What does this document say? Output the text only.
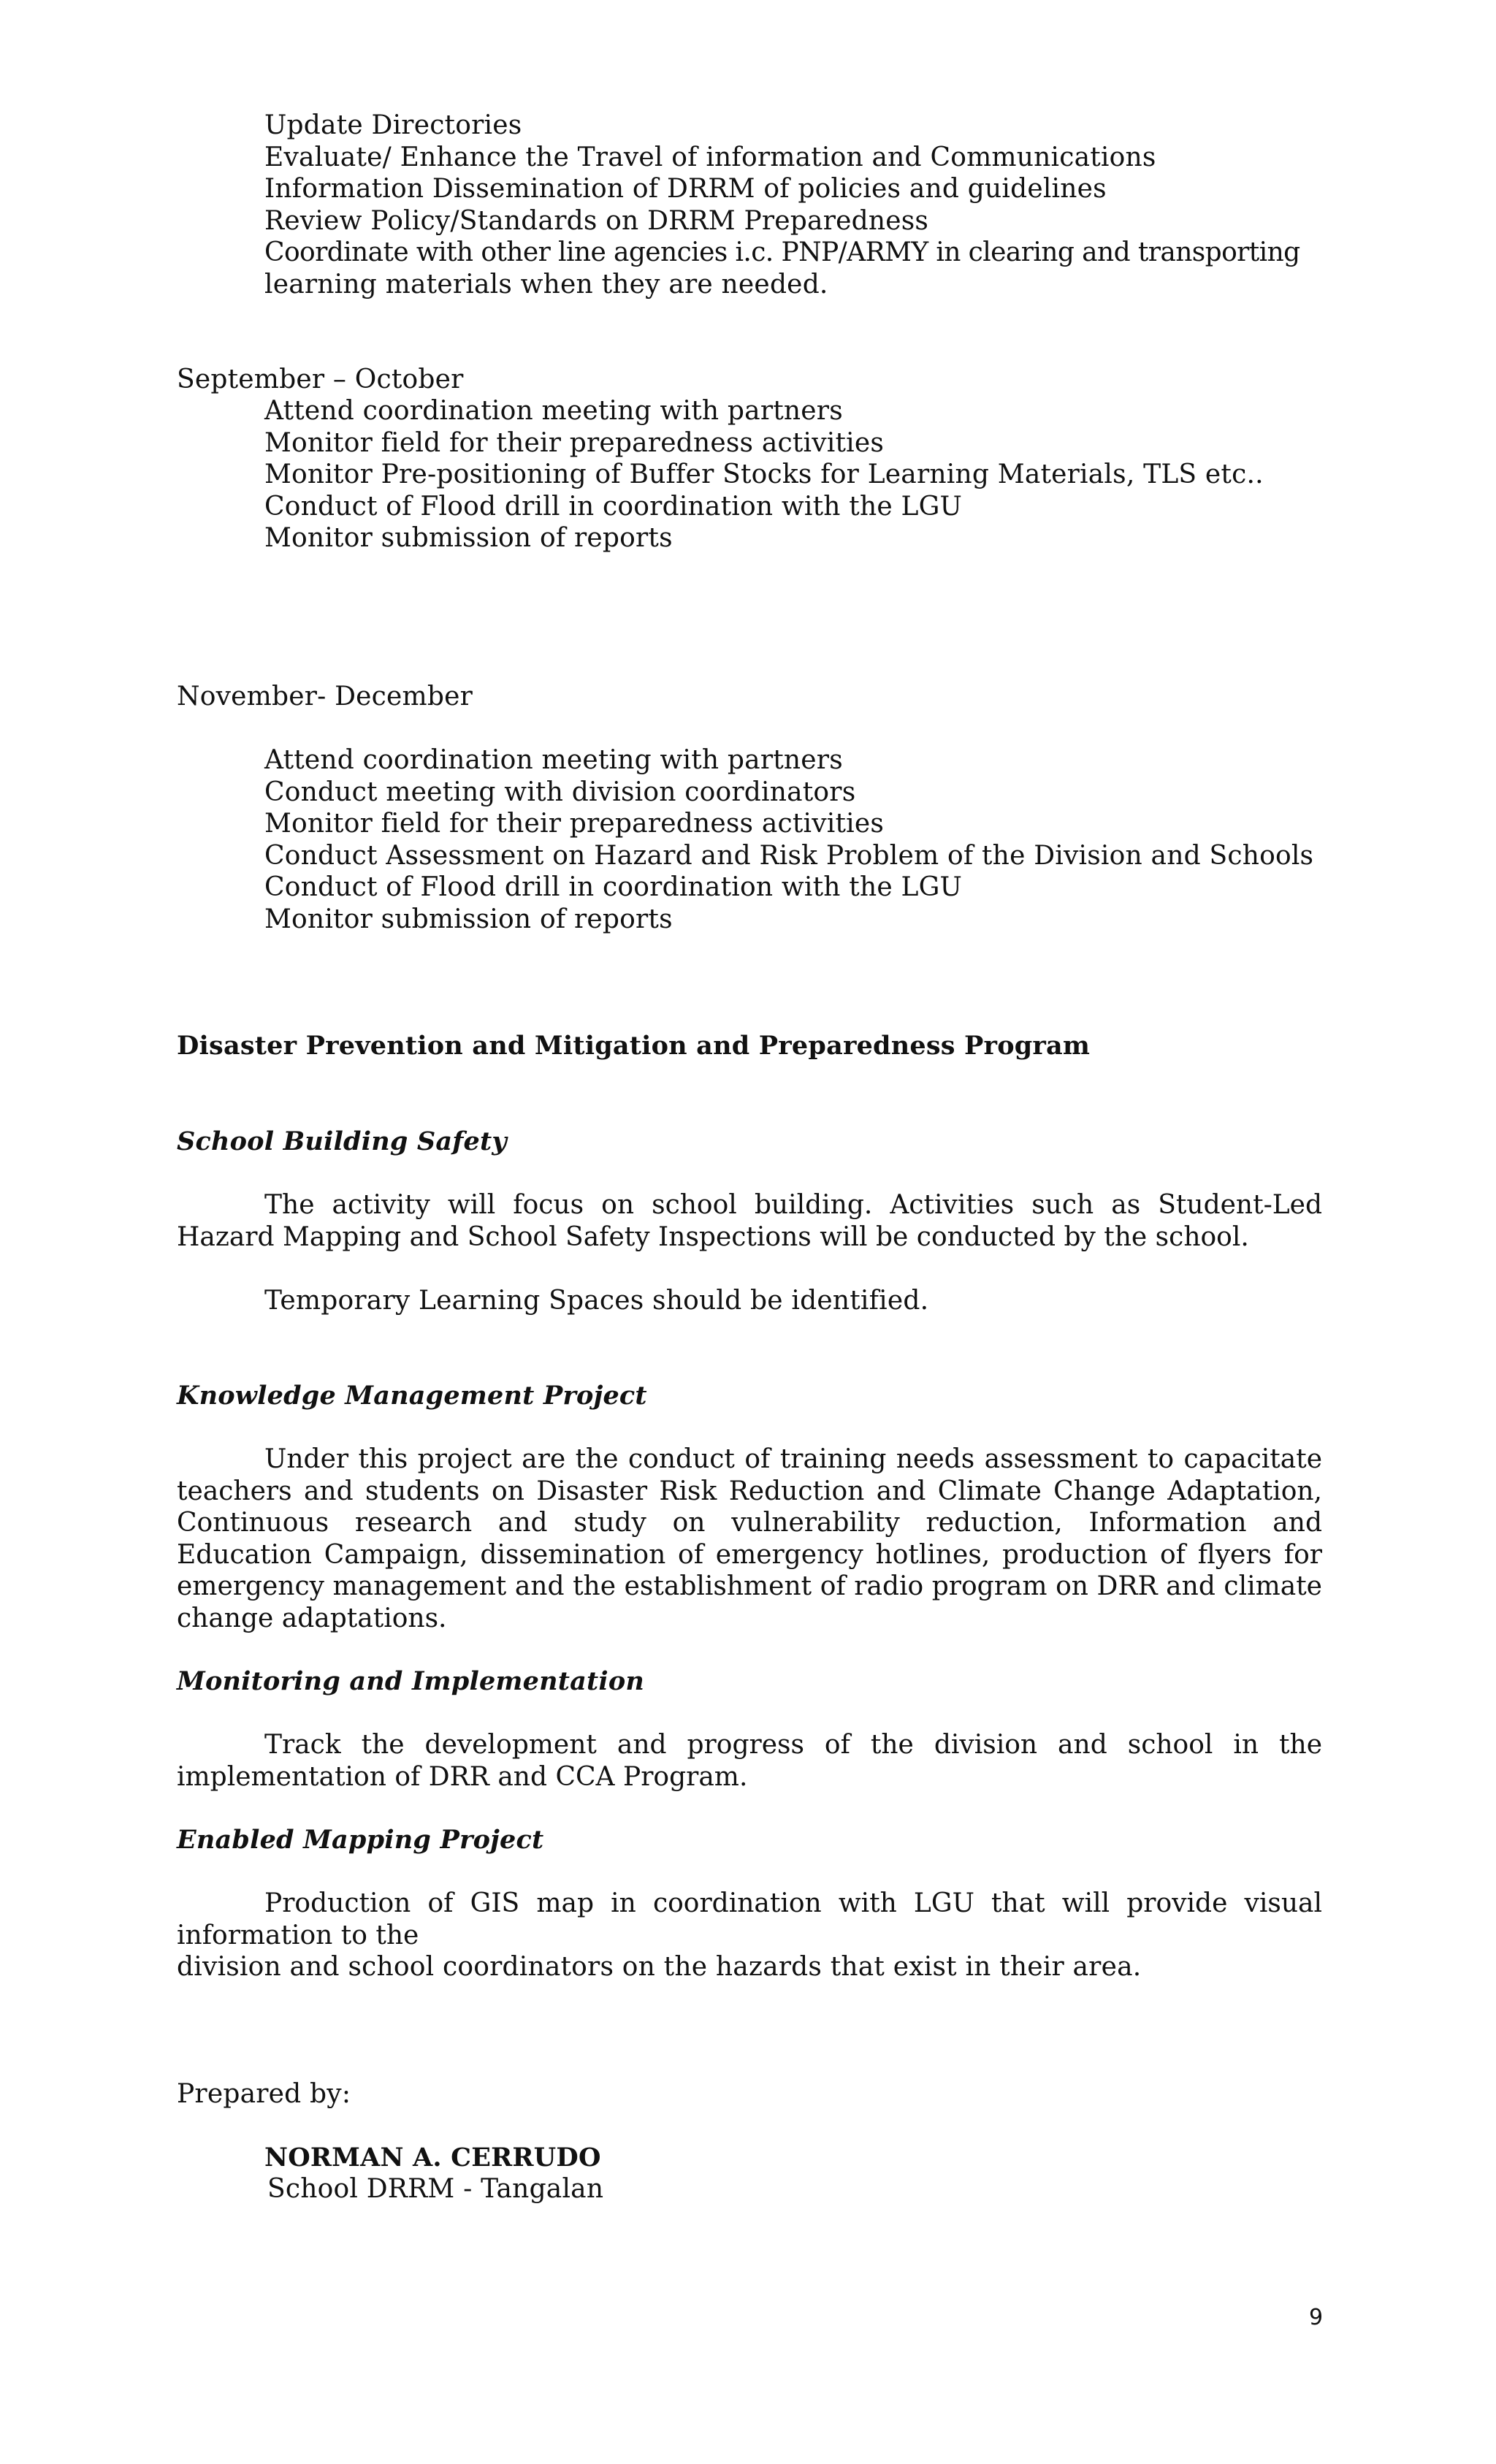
Update Directories
Evaluate/ Enhance the Travel of information and Communications
Information Dissemination of DRRM of policies and guidelines
Review Policy/Standards on DRRM Preparedness
Coordinate with other line agencies i.c. PNP/ARMY in clearing and transporting
learning materials when they are needed.
September – October
Attend coordination meeting with partners
Monitor field for their preparedness activities
Monitor Pre-positioning of Buffer Stocks for Learning Materials, TLS etc..
Conduct of Flood drill in coordination with the LGU
Monitor submission of reports
November- December
Attend coordination meeting with partners
Conduct meeting with division coordinators
Monitor field for their preparedness activities
Conduct Assessment on Hazard and Risk Problem of the Division and Schools
Conduct of Flood drill in coordination with the LGU
Monitor submission of reports
Disaster Prevention and Mitigation and Preparedness Program
School Building Safety
The activity will focus on school building. Activities such as Student-Led Hazard Mapping and School Safety Inspections will be conducted by the school.
Temporary Learning Spaces should be identified.
Knowledge Management Project
Under this project are the conduct of training needs assessment to capacitate teachers and students on Disaster Risk Reduction and Climate Change Adaptation, Continuous research and study on vulnerability reduction, Information and Education Campaign, dissemination of emergency hotlines, production of flyers for emergency management and the establishment of radio program on DRR and climate change adaptations.
Monitoring and Implementation
Track the development and progress of the division and school in the implementation of DRR and CCA Program.
Enabled Mapping Project
Production of GIS map in coordination with LGU that will provide visual information to the
division and school coordinators on the hazards that exist in their area.
Prepared by:
NORMAN A. CERRUDO
School DRRM - Tangalan
9
